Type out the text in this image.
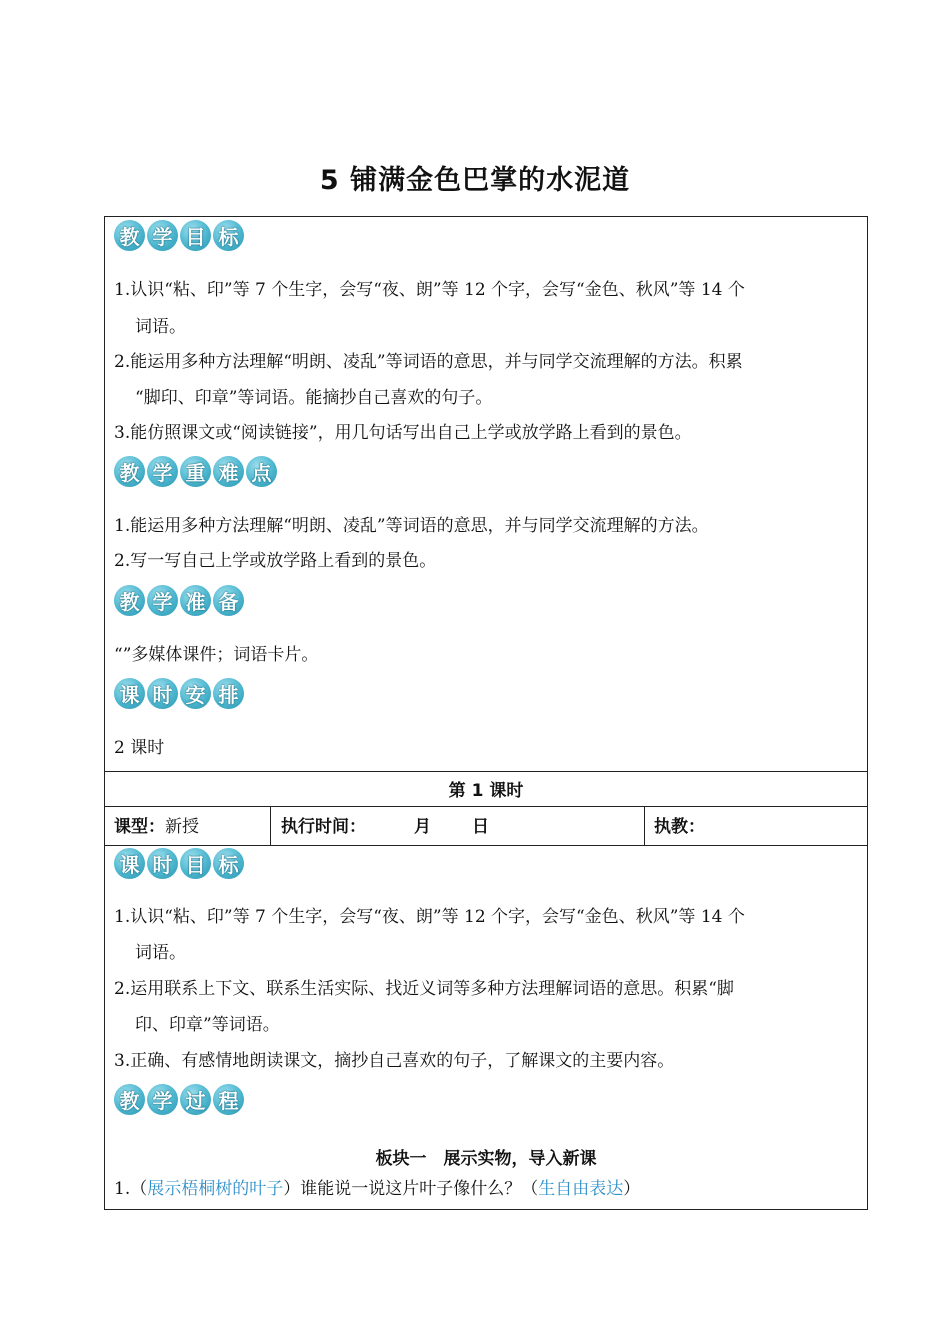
5 铺满金色巴掌的水泥道
教 学 目 标
1.认识“粘、印”等 7 个生字，会写“夜、朗”等 12 个字，会写“金色、秋风”等 14 个
词语。
2.能运用多种方法理解“明朗、凌乱”等词语的意思，并与同学交流理解的方法。积累
“脚印、印章”等词语。能摘抄自己喜欢的句子。
3.能仿照课文或“阅读链接”，用几句话写出自己上学或放学路上看到的景色。
教 学 重 难 点
1.能运用多种方法理解“明朗、凌乱”等词语的意思，并与同学交流理解的方法。
2.写一写自己上学或放学路上看到的景色。
教 学 准 备
“”多媒体课件；词语卡片。
课 时 安 排
2 课时
第 1 课时
课型：新授	执行时间：	月 日	执教：
课 时 目 标
1.认识“粘、印”等 7 个生字，会写“夜、朗”等 12 个字，会写“金色、秋风”等 14 个
词语。
2.运用联系上下文、联系生活实际、找近义词等多种方法理解词语的意思。积累“脚
印、印章”等词语。
3.正确、有感情地朗读课文，摘抄自己喜欢的句子，了解课文的主要内容。
教 学 过 程
板块一　展示实物，导入新课
1.（展示梧桐树的叶子）谁能说一说这片叶子像什么？（生自由表达）
